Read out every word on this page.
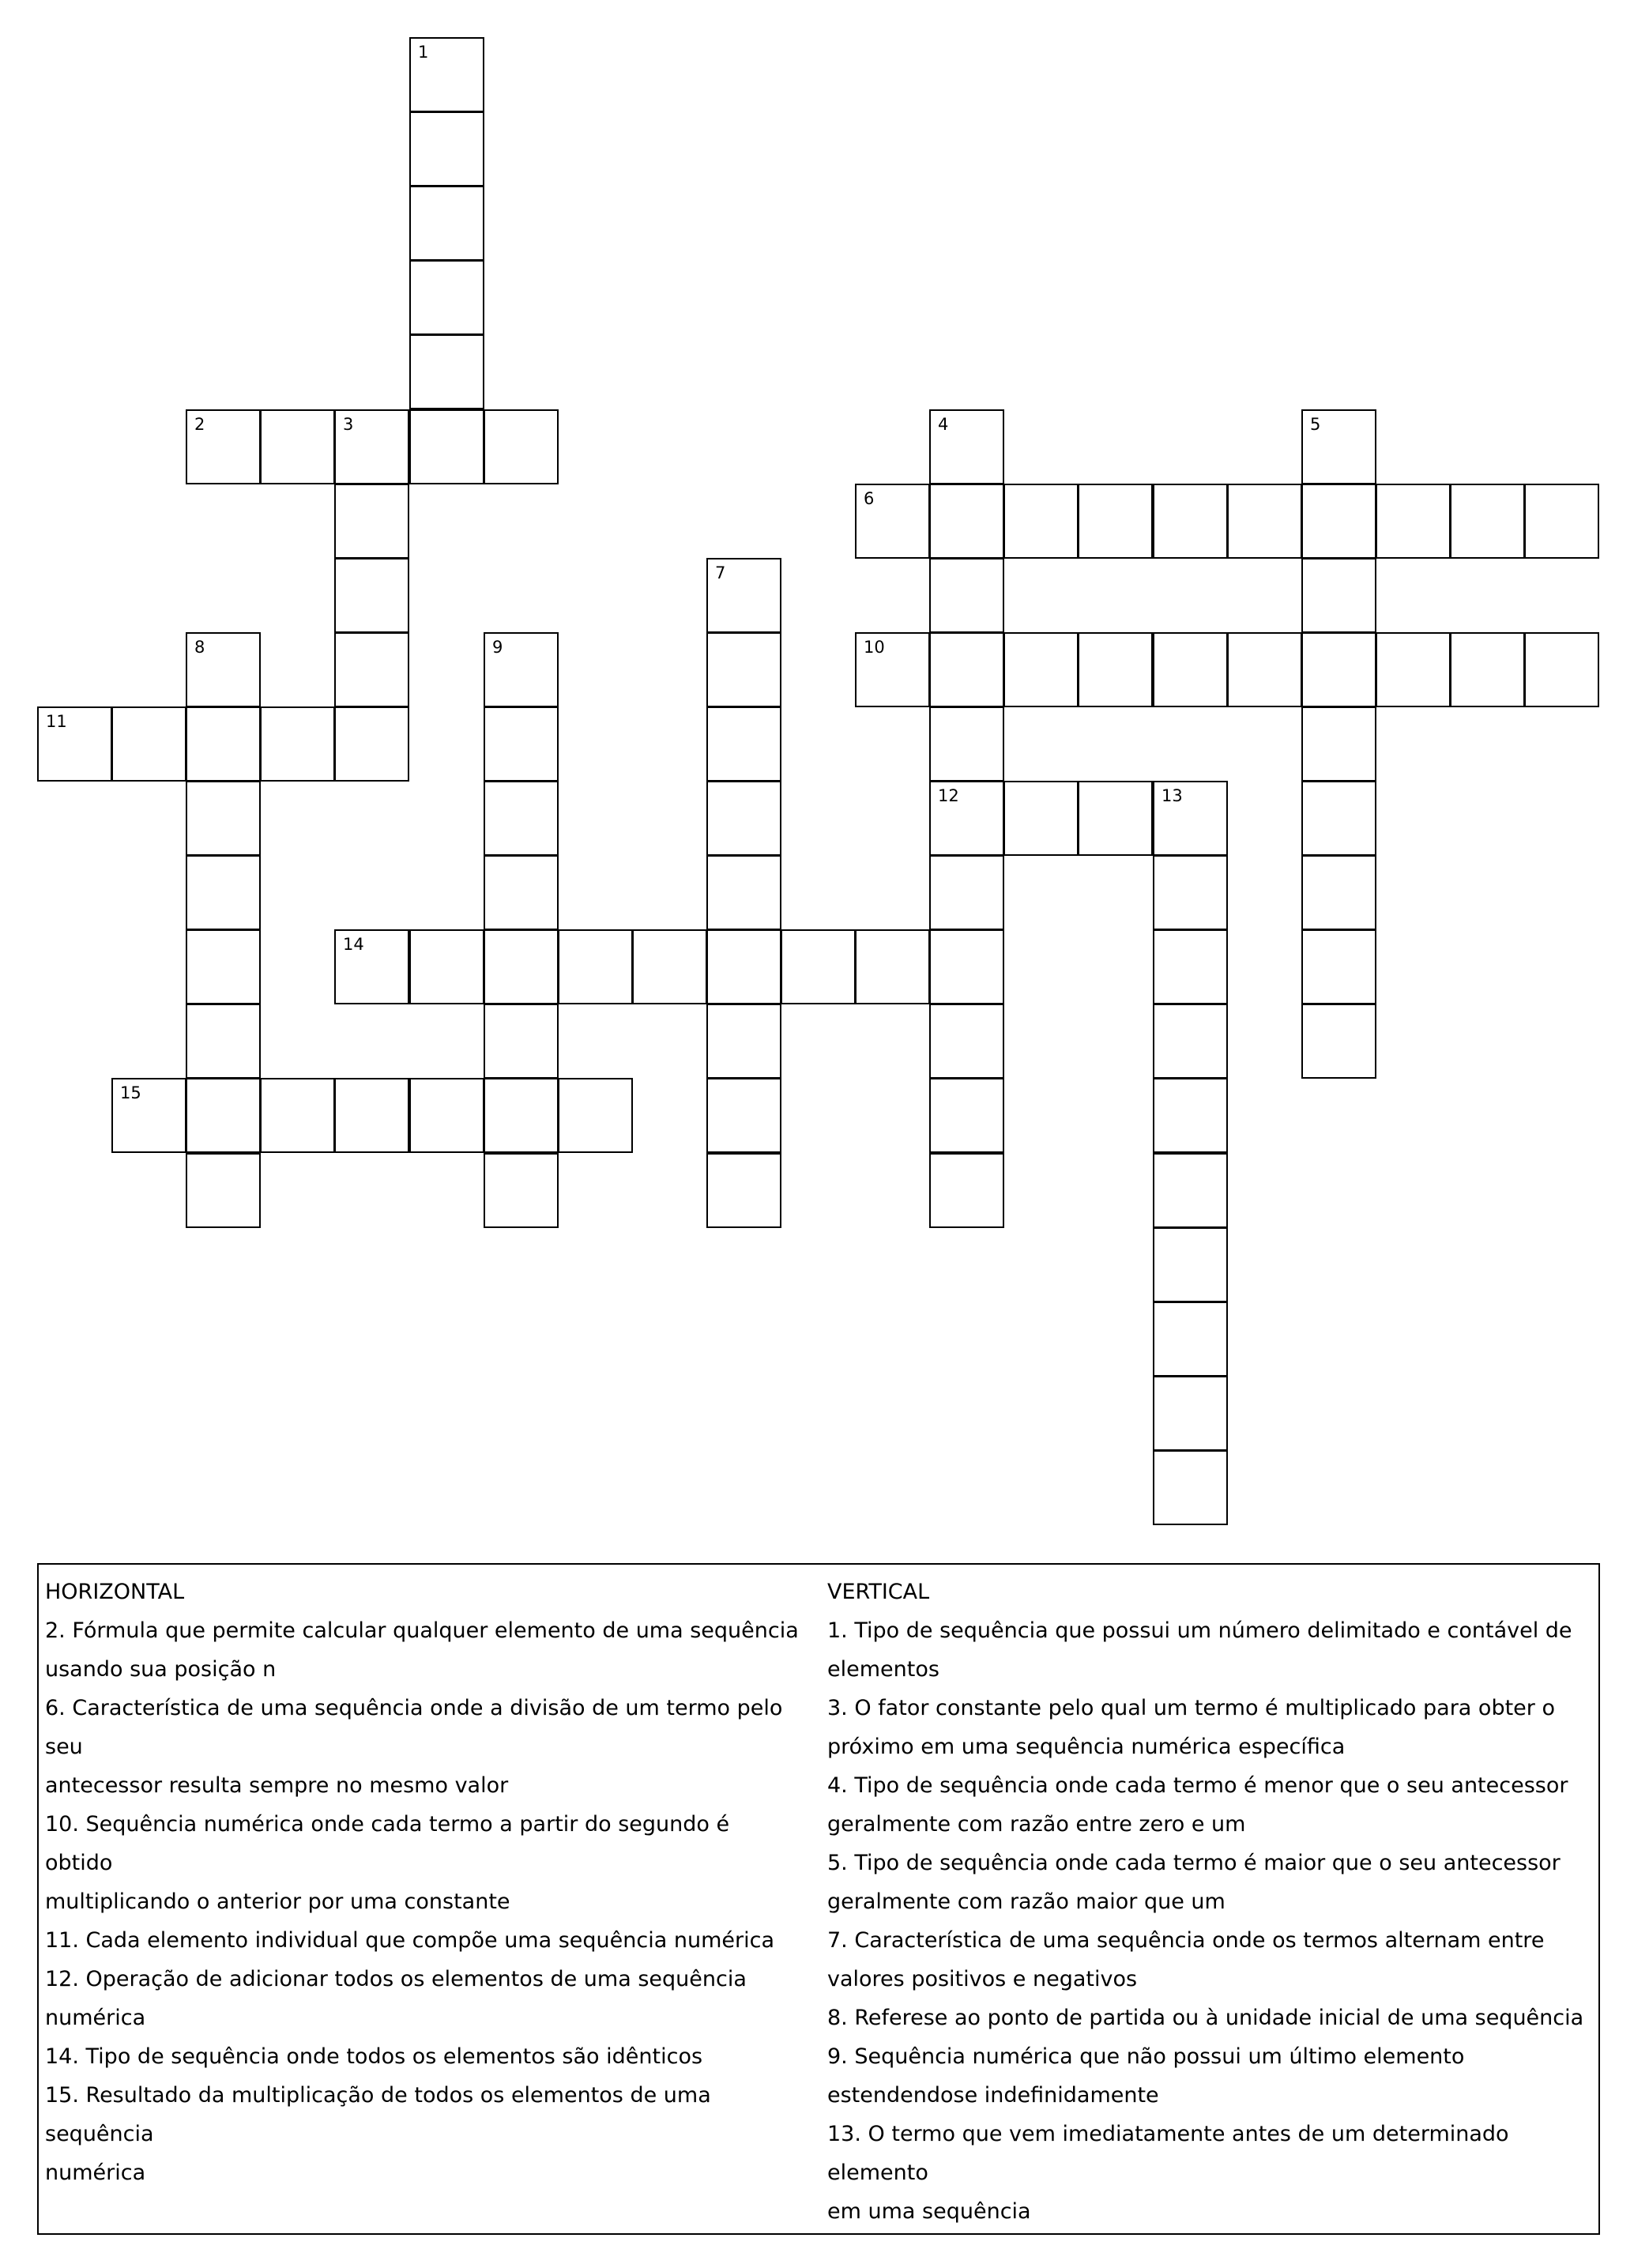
1
2	3	4	5
6
7
8	9	10
11
12	13
14
15

HORIZONTAL

2. Fórmula que permite calcular qualquer elemento de uma sequência

usando sua posição n

6. Característica de uma sequência onde a divisão de um termo pelo seu

antecessor resulta sempre no mesmo valor

10. Sequência numérica onde cada termo a partir do segundo é obtido

multiplicando o anterior por uma constante

11. Cada elemento individual que compõe uma sequência numérica

12. Operação de adicionar todos os elementos de uma sequência

numérica

14. Tipo de sequência onde todos os elementos são idênticos

15. Resultado da multiplicação de todos os elementos de uma sequência

numérica

VERTICAL

1. Tipo de sequência que possui um número delimitado e contável de

elementos

3. O fator constante pelo qual um termo é multiplicado para obter o

próximo em uma sequência numérica específica

4. Tipo de sequência onde cada termo é menor que o seu antecessor

geralmente com razão entre zero e um

5. Tipo de sequência onde cada termo é maior que o seu antecessor

geralmente com razão maior que um

7. Característica de uma sequência onde os termos alternam entre

valores positivos e negativos

8. Referese ao ponto de partida ou à unidade inicial de uma sequência

9. Sequência numérica que não possui um último elemento

estendendose indefinidamente

13. O termo que vem imediatamente antes de um determinado elemento

em uma sequência
